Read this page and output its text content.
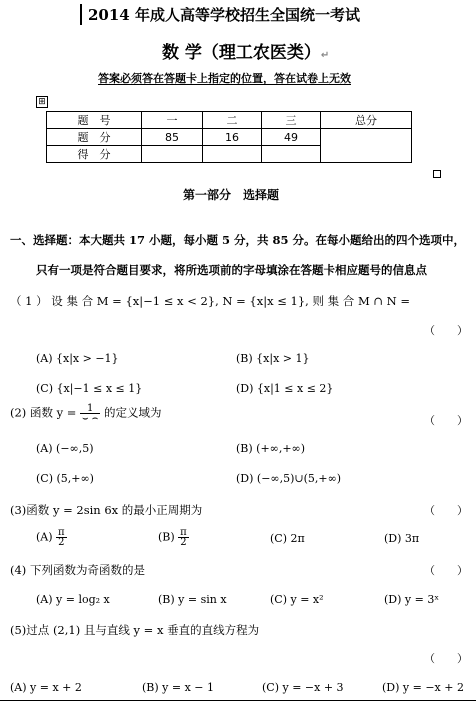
2014 年成人高等学校招生全国统一考试
数 学（理工农医类）↵
答案必须答在答题卡上指定的位置，答在试卷上无效
⊞
题　号	一	二	三	总分
题　分	85	16	49	
得　分				
第一部分　选择题
一、选择题：本大题共 17 小题，每小题 5 分，共 85 分。在每小题给出的四个选项中，
只有一项是符合题目要求，将所选项前的字母填涂在答题卡相应题号的信息点
（ 1 ） 设 集 合 M = {x|−1 ≤ x < 2}, N = {x|x ≤ 1}, 则 集 合 M ∩ N =
（　　）
(A) {x|x > −1}	(B) {x|x > 1}
(C) {x|−1 ≤ x ≤ 1}	(D) {x|1 ≤ x ≤ 2}
(2) 函数 $y = \frac{1}{⌣ ⌢}$ 的定义域为
（　　）
(A) (−∞,5)	(B) (+∞,+∞)
(C) (5,+∞)	(D) (−∞,5)∪(5,+∞)
(3)函数 y = 2sin 6x 的最小正周期为	（　　）
$(A) \frac{\pi}{2}$	$(B) \frac{\pi}{2}$	(C) 2π	(D) 3π
(4) 下列函数为奇函数的是	（　　）
(A) y = log₂ x	(B) y = sin x	(C) y = x²	(D) y = 3ˣ
(5)过点 (2,1) 且与直线 y = x 垂直的直线方程为
（　　）
(A) y = x + 2	(B) y = x − 1	(C) y = −x + 3	(D) y = −x + 2
